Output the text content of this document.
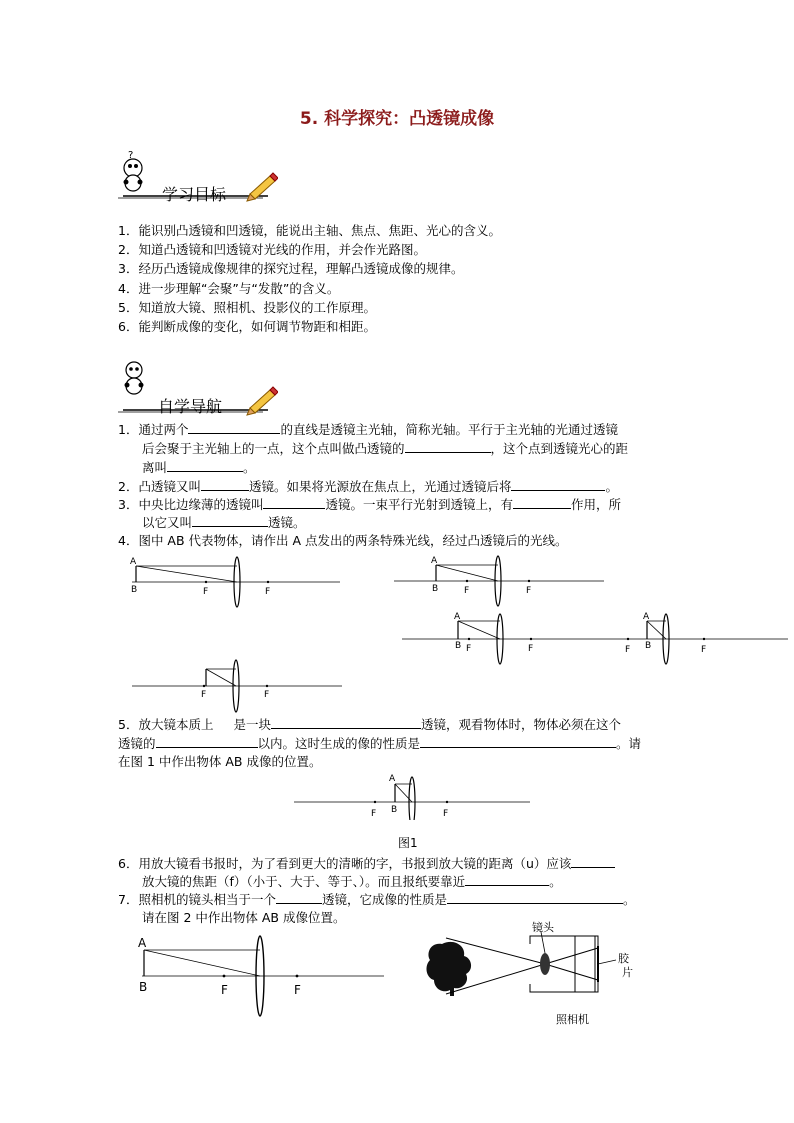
5. 科学探究：凸透镜成像
?
学习目标
1．能识别凸透镜和凹透镜，能说出主轴、焦点、焦距、光心的含义。
2．知道凸透镜和凹透镜对光线的作用，并会作光路图。
3．经历凸透镜成像规律的探究过程，理解凸透镜成像的规律。
4．进一步理解“会聚”与“发散”的含义。
5．知道放大镜、照相机、投影仪的工作原理。
6．能判断成像的变化，如何调节物距和相距。
自学导航
1．通过两个	的直线是透镜主光轴，简称光轴。平行于主光轴的光通过透镜
后会聚于主光轴上的一点，这个点叫做凸透镜的	，这个点到透镜光心的距
离叫	。
2．凸透镜又叫	透镜。如果将光源放在焦点上，光通过透镜后将	。
3．中央比边缘薄的透镜叫	透镜。一束平行光射到透镜上，有	作用，所
以它又叫	透镜。
4．图中 AB 代表物体，请作出 A 点发出的两条特殊光线，经过凸透镜后的光线。
A
B	F	F
A
B	F	F
A
B F	F
A
B
F	F
F	F
5．放大镜本质上 是一块	透镜，观看物体时，物体必须在这个
透镜的	以内。这时生成的像的性质是	。请
在图 1 中作出物体 AB 成像的位置。
A
B
F	F
图1
6．用放大镜看书报时，为了看到更大的清晰的字，书报到放大镜的距离（u）应该
放大镜的焦距（f）（小于、大于、等于、）。而且报纸要靠近	。
7．照相机的镜头相当于一个	透镜，它成像的性质是	。
请在图 2 中作出物体 AB 成像位置。
A
B	F	F
镜头
胶
片
照相机
